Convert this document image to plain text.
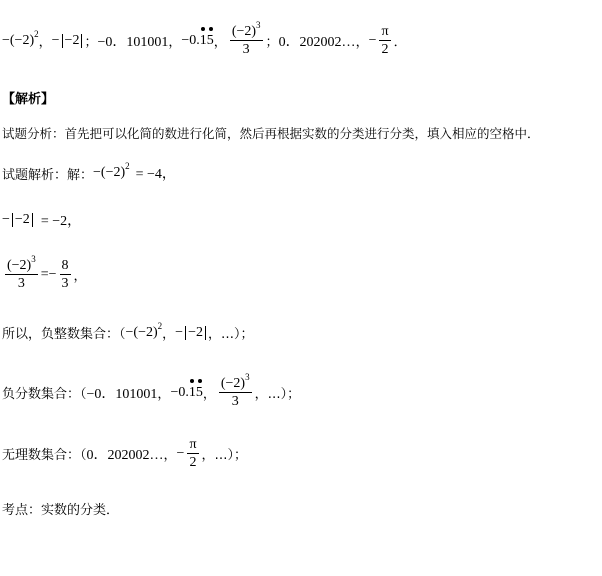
$-(-2)^2$
， − −2 ； −0．101001 ， −0.
15 ， $\frac{(-2)^3}{3}$ ； 0．202002… ， − $\frac{\pi}{2}$ ．
【解析】
试题分析：首先把可以化简的数进行化简，然后再根据实数的分类进行分类，填入相应的空格中．
试题解析：解： $-(-2)^2$
= −4，
− −2 = −2，
$\frac{(-2)^3}{3} =- \frac{8}{3}$ ，
所以，负整数集合：（ $-(-2)^2$
， − −2 ，…）；
负分数集合：（ −0．101001 ， −0.
15 ， $\frac{(-2)^3}{3}$ ，…）；
无理数集合：（ 0．202002… ， − $\frac{\pi}{2}$ ，…）；
考点：实数的分类．
